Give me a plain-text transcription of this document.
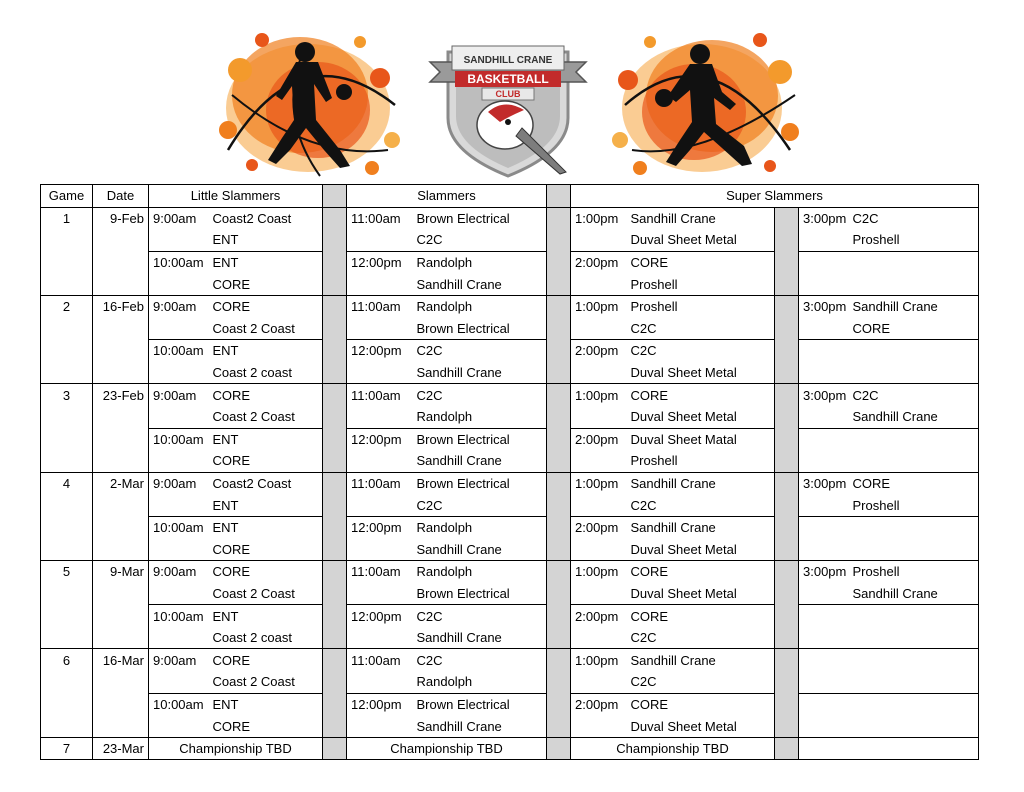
SANDHILL CRANE
BASKETBALL
CLUB
Game	Date	Little Slammers			Slammers			Super Slammers				
1	9-Feb	9:00am	Coast2 Coast		11:00am	Brown Electrical		1:00pm	Sandhill Crane		3:00pm	C2C
			ENT			C2C			Duval Sheet Metal			Proshell
		10:00am	ENT		12:00pm	Randolph		2:00pm	CORE			
			CORE			Sandhill Crane			Proshell			
2	16-Feb	9:00am	CORE		11:00am	Randolph		1:00pm	Proshell		3:00pm	Sandhill Crane
			Coast 2 Coast			Brown Electrical			C2C			CORE
		10:00am	ENT		12:00pm	C2C		2:00pm	C2C			
			Coast 2 coast			Sandhill Crane			Duval Sheet Metal			
3	23-Feb	9:00am	CORE		11:00am	C2C		1:00pm	CORE		3:00pm	C2C
			Coast 2 Coast			Randolph			Duval Sheet Metal			Sandhill Crane
		10:00am	ENT		12:00pm	Brown Electrical		2:00pm	Duval Sheet Matal			
			CORE			Sandhill Crane			Proshell			
4	2-Mar	9:00am	Coast2 Coast		11:00am	Brown Electrical		1:00pm	Sandhill Crane		3:00pm	CORE
			ENT			C2C			C2C			Proshell
		10:00am	ENT		12:00pm	Randolph		2:00pm	Sandhill Crane			
			CORE			Sandhill Crane			Duval Sheet Metal			
5	9-Mar	9:00am	CORE		11:00am	Randolph		1:00pm	CORE		3:00pm	Proshell
			Coast 2 Coast			Brown Electrical			Duval Sheet Metal			Sandhill Crane
		10:00am	ENT		12:00pm	C2C		2:00pm	CORE			
			Coast 2 coast			Sandhill Crane			C2C			
6	16-Mar	9:00am	CORE		11:00am	C2C		1:00pm	Sandhill Crane			
			Coast 2 Coast			Randolph			C2C			
		10:00am	ENT		12:00pm	Brown Electrical		2:00pm	CORE			
			CORE			Sandhill Crane			Duval Sheet Metal			
7	23-Mar	Championship TBD			Championship TBD			Championship TBD				
